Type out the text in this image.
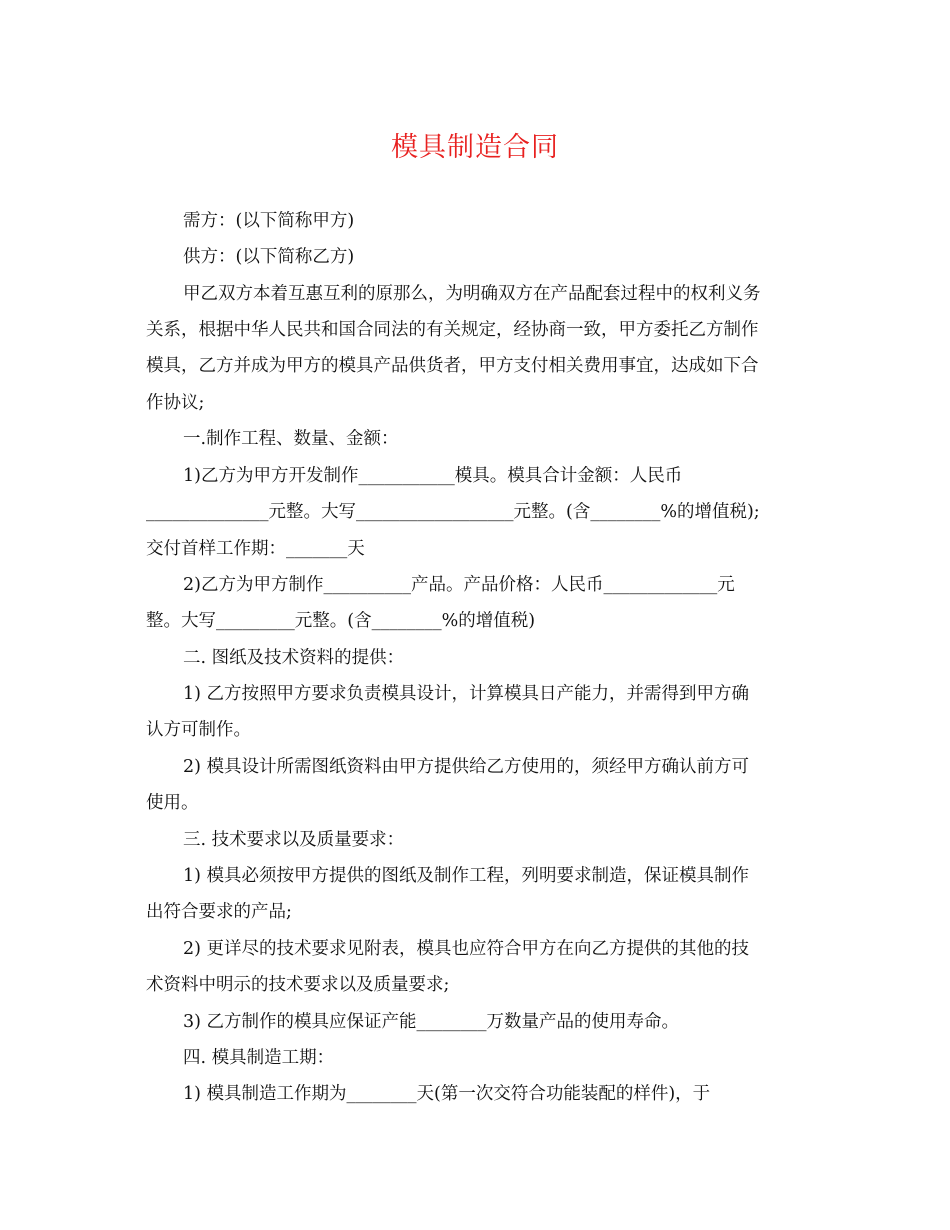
模具制造合同
需方：(以下简称甲方)
供方：(以下简称乙方)
甲乙双方本着互惠互利的原那么，为明确双方在产品配套过程中的权利义务
关系，根据中华人民共和国合同法的有关规定，经协商一致，甲方委托乙方制作
模具，乙方并成为甲方的模具产品供货者，甲方支付相关费用事宜，达成如下合
作协议;
一.制作工程、数量、金额：
1)乙方为甲方开发制作___________模具。模具合计金额：人民币
______________元整。大写__________________元整。(含________%的增值税);
交付首样工作期：_______天
2)乙方为甲方制作__________产品。产品价格：人民币_____________元
整。大写_________元整。(含________%的增值税)
二. 图纸及技术资料的提供：
1) 乙方按照甲方要求负责模具设计，计算模具日产能力，并需得到甲方确
认方可制作。
2) 模具设计所需图纸资料由甲方提供给乙方使用的，须经甲方确认前方可
使用。
三. 技术要求以及质量要求：
1) 模具必须按甲方提供的图纸及制作工程，列明要求制造，保证模具制作
出符合要求的产品;
2) 更详尽的技术要求见附表，模具也应符合甲方在向乙方提供的其他的技
术资料中明示的技术要求以及质量要求;
3) 乙方制作的模具应保证产能________万数量产品的使用寿命。
四. 模具制造工期：
1) 模具制造工作期为________天(第一次交符合功能装配的样件)，于
